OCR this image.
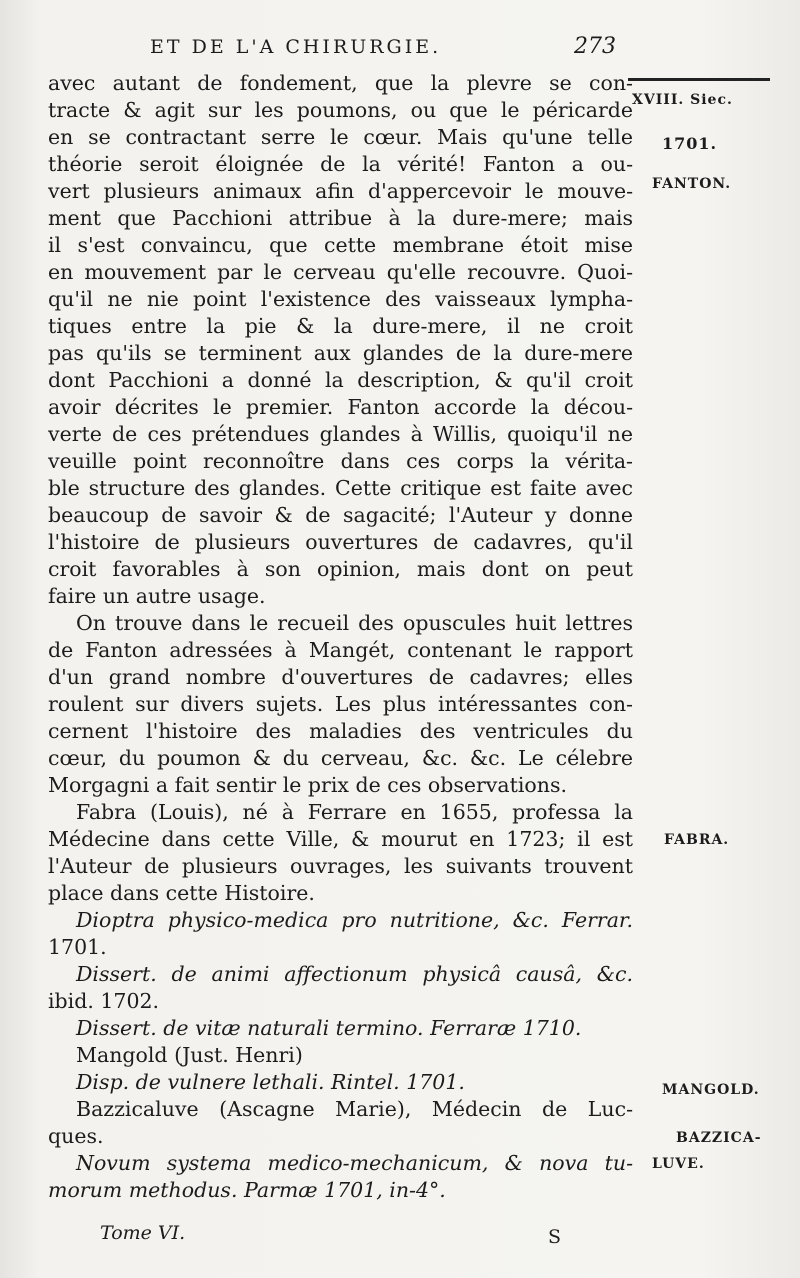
ET DE L'A CHIRURGIE.	273
avec autant de fondement, que la plevre se con-
tracte & agit sur les poumons, ou que le péricarde
en se contractant serre le cœur. Mais qu'une telle
théorie seroit éloignée de la vérité! Fanton a ou-
vert plusieurs animaux afin d'appercevoir le mouve-
ment que Pacchioni attribue à la dure-mere; mais
il s'est convaincu, que cette membrane étoit mise
en mouvement par le cerveau qu'elle recouvre. Quoi-
qu'il ne nie point l'existence des vaisseaux lympha-
tiques entre la pie & la dure-mere, il ne croit
pas qu'ils se terminent aux glandes de la dure-mere
dont Pacchioni a donné la description, & qu'il croit
avoir décrites le premier. Fanton accorde la décou-
verte de ces prétendues glandes à Willis, quoiqu'il ne
veuille point reconnoître dans ces corps la vérita-
ble structure des glandes. Cette critique est faite avec
beaucoup de savoir & de sagacité; l'Auteur y donne
l'histoire de plusieurs ouvertures de cadavres, qu'il
croit favorables à son opinion, mais dont on peut
faire un autre usage.
On trouve dans le recueil des opuscules huit lettres
de Fanton adressées à Mangét, contenant le rapport
d'un grand nombre d'ouvertures de cadavres; elles
roulent sur divers sujets. Les plus intéressantes con-
cernent l'histoire des maladies des ventricules du
cœur, du poumon & du cerveau, &c. &c. Le célebre
Morgagni a fait sentir le prix de ces observations.
Fabra (Louis), né à Ferrare en 1655, professa la
Médecine dans cette Ville, & mourut en 1723; il est
l'Auteur de plusieurs ouvrages, les suivants trouvent
place dans cette Histoire.
Dioptra physico-medica pro nutritione, &c. Ferrar.
1701.
Dissert. de animi affectionum physicâ causâ, &c.
ibid. 1702.
Dissert. de vitæ naturali termino. Ferraræ 1710.
Mangold (Just. Henri)
Disp. de vulnere lethali. Rintel. 1701.
Bazzicaluve (Ascagne Marie), Médecin de Luc-
ques.
Novum systema medico-mechanicum, & nova tu-
morum methodus. Parmæ 1701, in-4°.
XVIII. Siec.
1701.
FANTON.
FABRA.
MANGOLD.
BAZZICA-
LUVE.
Tome VI.	S
